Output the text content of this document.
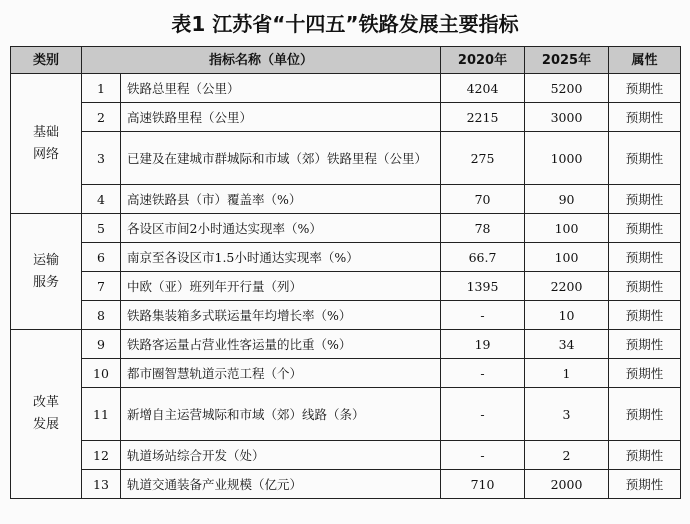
表1 江苏省“十四五”铁路发展主要指标
类别	指标名称（单位）		2020年	2025年	属性

基础
网络	1	铁路总里程（公里）	4204	5200	预期性
	2	高速铁路里程（公里）	2215	3000	预期性
	3	已建及在建城市群城际和市域（郊）铁路里程（公里）	275	1000	预期性
	4	高速铁路县（市）覆盖率（%）	70	90	预期性

运输
服务	5	各设区市间2小时通达实现率（%）	78	100	预期性
	6	南京至各设区市1.5小时通达实现率（%）	66.7	100	预期性
	7	中欧（亚）班列年开行量（列）	1395	2200	预期性
	8	铁路集装箱多式联运量年均增长率（%）	-	10	预期性

改革
发展	9	铁路客运量占营业性客运量的比重（%）	19	34	预期性
	10	都市圈智慧轨道示范工程（个）	-	1	预期性
	11	新增自主运营城际和市域（郊）线路（条）	-	3	预期性
	12	轨道场站综合开发（处）	-	2	预期性
	13	轨道交通装备产业规模（亿元）	710	2000	预期性
